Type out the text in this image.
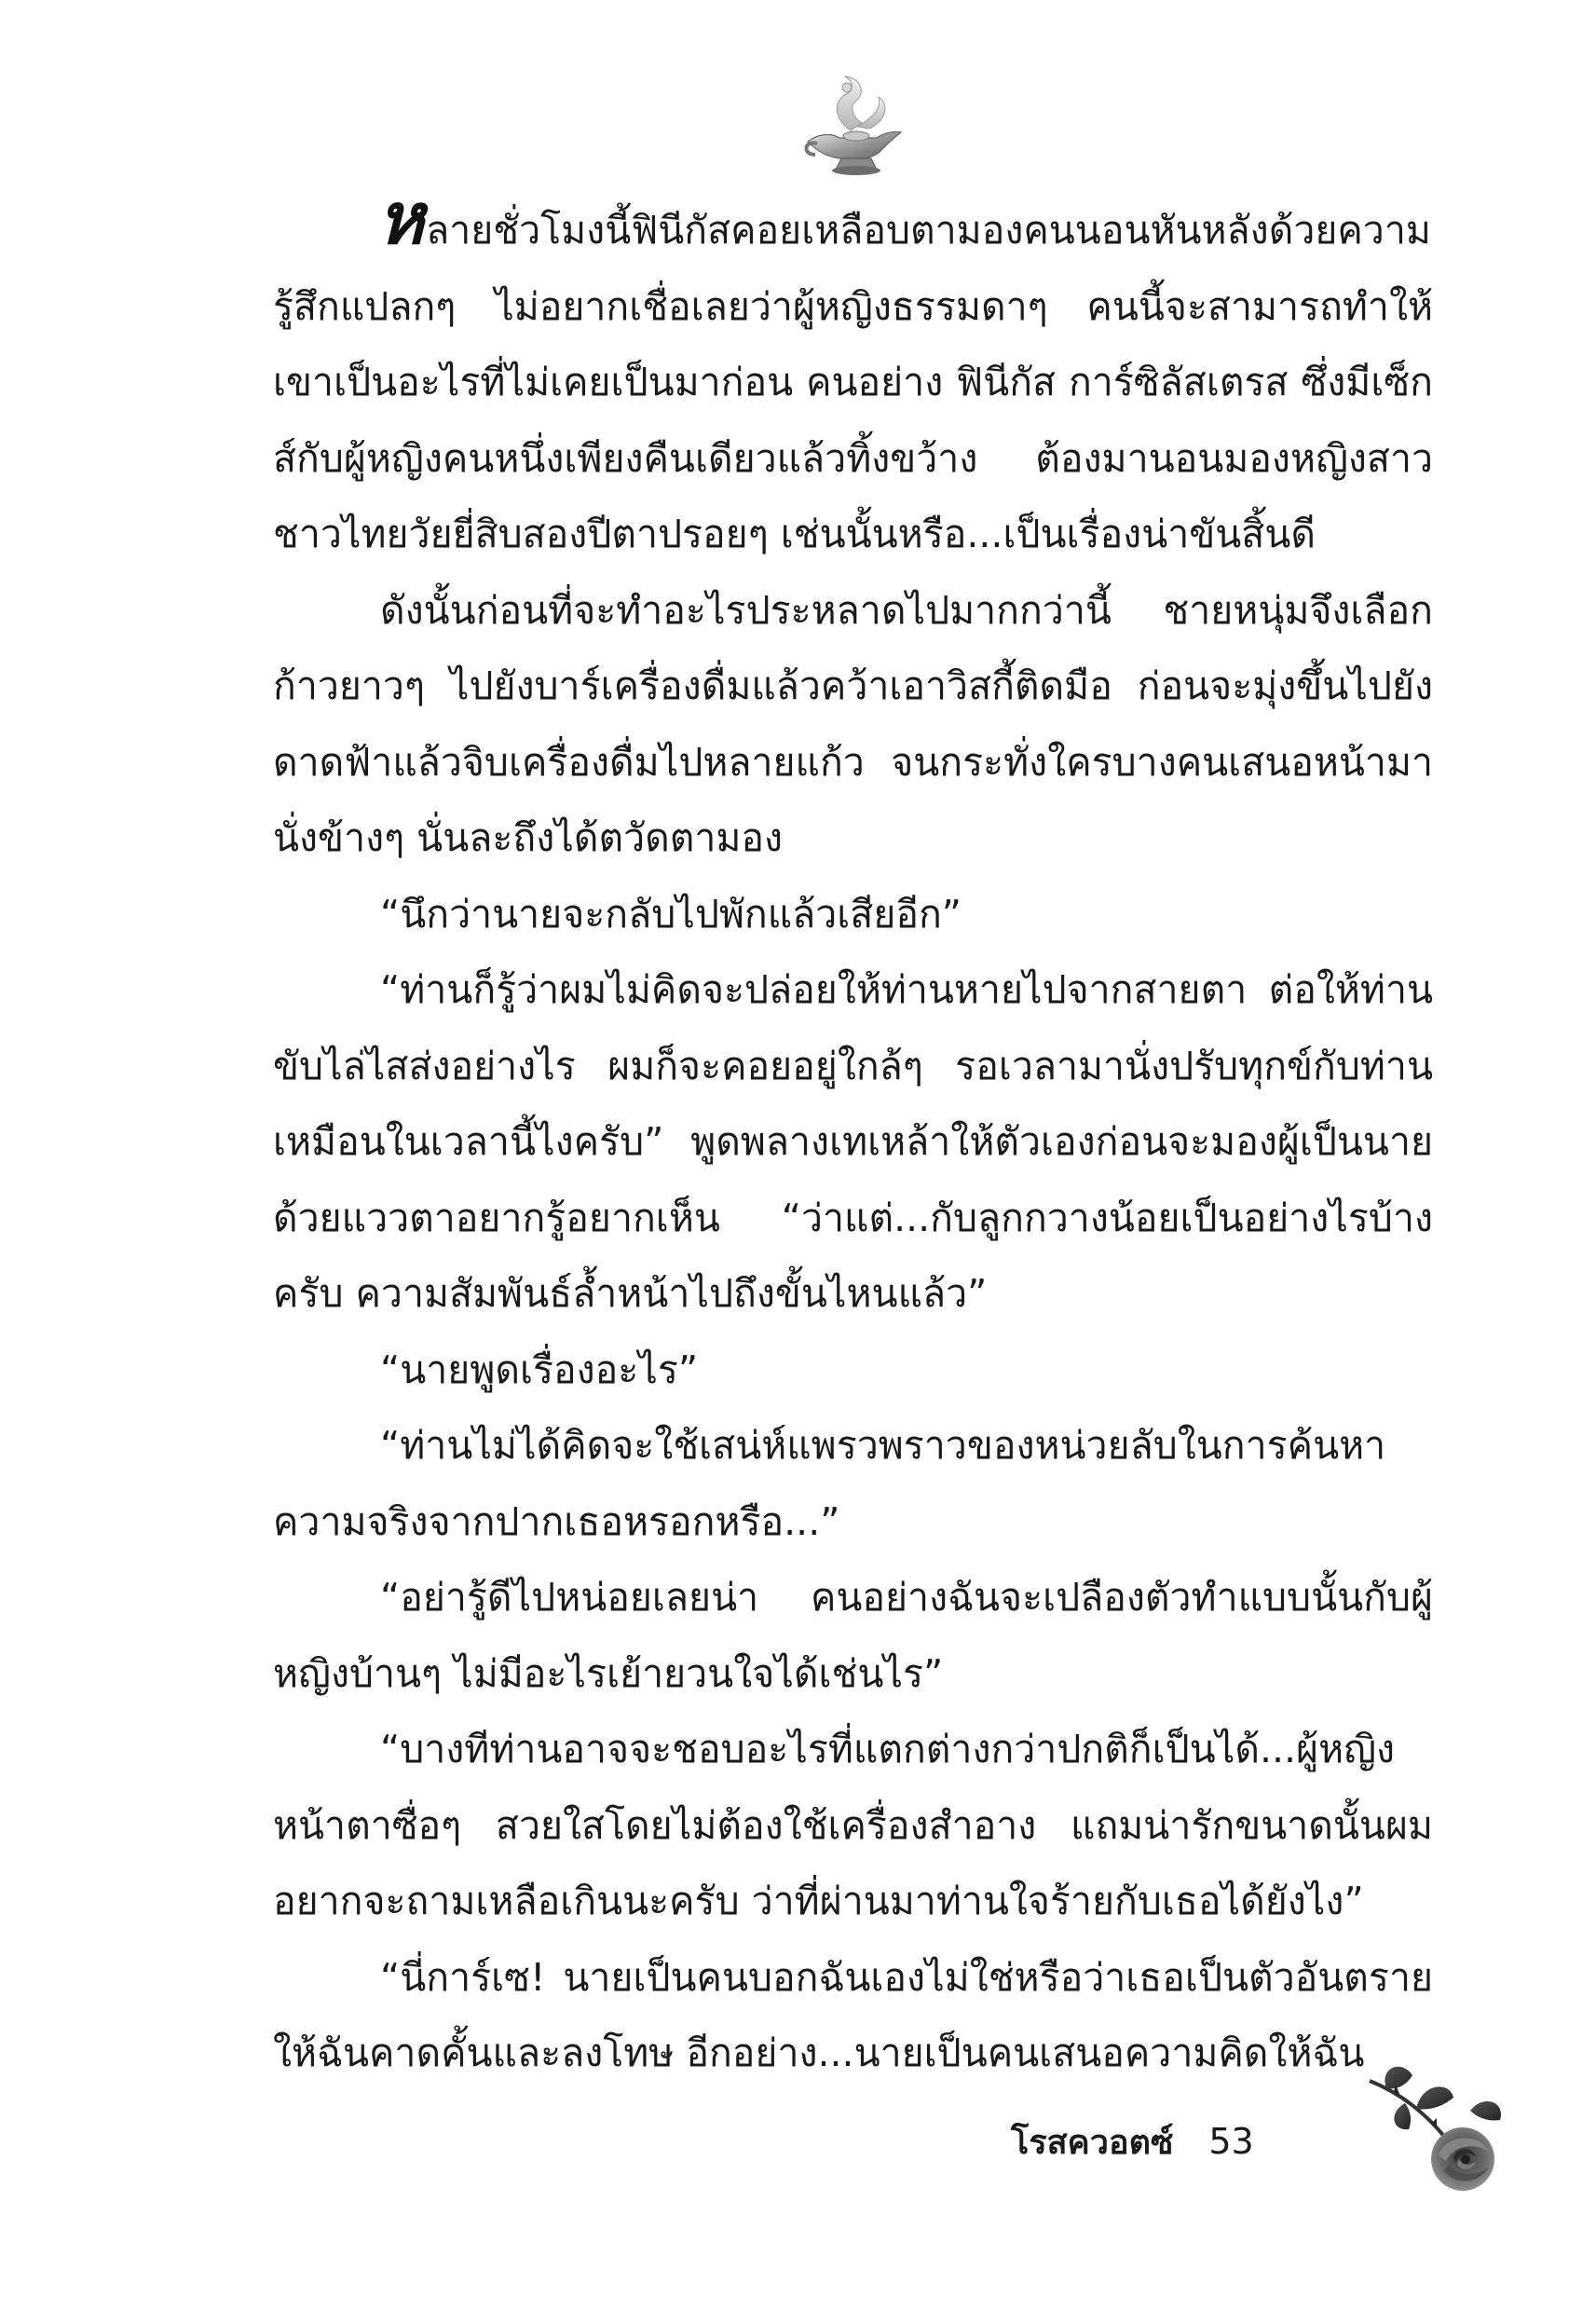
หลายชั่วโมงนี้ฟินีกัสคอยเหลือบตามองคนนอนหันหลังด้วยความรู้สึกแปลกๆ ไม่อยากเชื่อเลยว่าผู้หญิงธรรมดาๆ คนนี้จะสามารถทำให้เขาเป็นอะไรที่ไม่เคยเป็นมาก่อน คนอย่าง ฟินีกัส การ์ซิลัสเตรส ซึ่งมีเซ็กส์กับผู้หญิงคนหนึ่งเพียงคืนเดียวแล้วทิ้งขว้าง ต้องมานอนมองหญิงสาวชาวไทยวัยยี่สิบสองปีตาปรอยๆ เช่นนั้นหรือ...เป็นเรื่องน่าขันสิ้นดี

ดังนั้นก่อนที่จะทำอะไรประหลาดไปมากกว่านี้ ชายหนุ่มจึงเลือกก้าวยาวๆ ไปยังบาร์เครื่องดื่มแล้วคว้าเอาวิสกี้ติดมือ ก่อนจะมุ่งขึ้นไปยังดาดฟ้าแล้วจิบเครื่องดื่มไปหลายแก้ว จนกระทั่งใครบางคนเสนอหน้ามานั่งข้างๆ นั่นละถึงได้ตวัดตามอง

“นึกว่านายจะกลับไปพักแล้วเสียอีก”

“ท่านก็รู้ว่าผมไม่คิดจะปล่อยให้ท่านหายไปจากสายตา ต่อให้ท่านขับไล่ไสส่งอย่างไร ผมก็จะคอยอยู่ใกล้ๆ รอเวลามานั่งปรับทุกข์กับท่านเหมือนในเวลานี้ไงครับ” พูดพลางเทเหล้าให้ตัวเองก่อนจะมองผู้เป็นนายด้วยแววตาอยากรู้อยากเห็น “ว่าแต่...กับลูกกวางน้อยเป็นอย่างไรบ้างครับ ความสัมพันธ์ล้ำหน้าไปถึงขั้นไหนแล้ว”

“นายพูดเรื่องอะไร”

“ท่านไม่ได้คิดจะใช้เสน่ห์แพรวพราวของหน่วยลับในการค้นหาความจริงจากปากเธอหรอกหรือ...”

“อย่ารู้ดีไปหน่อยเลยน่า คนอย่างฉันจะเปลืองตัวทำแบบนั้นกับผู้หญิงบ้านๆ ไม่มีอะไรเย้ายวนใจได้เช่นไร”

“บางทีท่านอาจจะชอบอะไรที่แตกต่างกว่าปกติก็เป็นได้...ผู้หญิงหน้าตาซื่อๆ สวยใสโดยไม่ต้องใช้เครื่องสำอาง แถมน่ารักขนาดนั้นผมอยากจะถามเหลือเกินนะครับ ว่าที่ผ่านมาท่านใจร้ายกับเธอได้ยังไง”

“นี่การ์เซ! นายเป็นคนบอกฉันเองไม่ใช่หรือว่าเธอเป็นตัวอันตรายให้ฉันคาดคั้นและลงโทษ อีกอย่าง...นายเป็นคนเสนอความคิดให้ฉัน

โรสควอตซ์ 53
